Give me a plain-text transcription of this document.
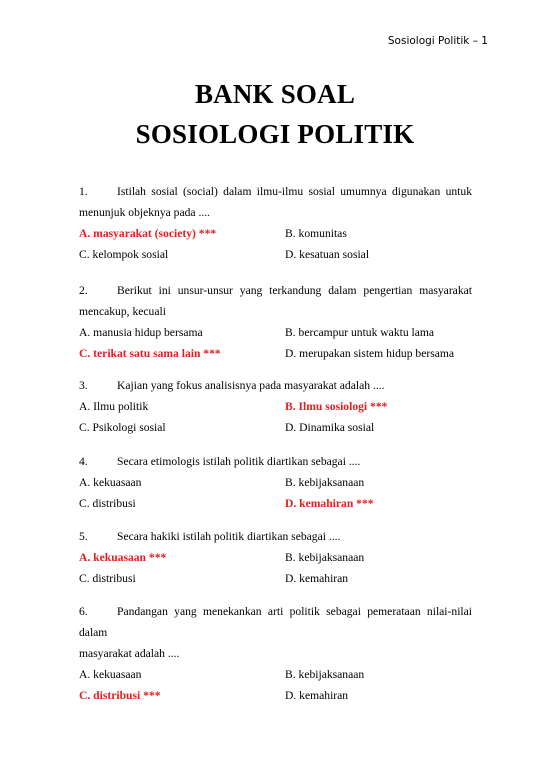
Sosiologi Politik – 1
BANK SOAL
SOSIOLOGI POLITIK
1.	Istilah sosial (social) dalam ilmu-ilmu sosial umumnya digunakan untuk
menunjuk objeknya pada ....
A. masyarakat (society) ***	B. komunitas
C. kelompok sosial	D. kesatuan sosial
2.	Berikut ini unsur-unsur yang terkandung dalam pengertian masyarakat
mencakup, kecuali
A. manusia hidup bersama	B. bercampur untuk waktu lama
C. terikat satu sama lain ***	D. merupakan sistem hidup bersama
3.	Kajian yang fokus analisisnya pada masyarakat adalah ....
A. Ilmu politik	B. Ilmu sosiologi ***
C. Psikologi sosial	D. Dinamika sosial
4.	Secara etimologis istilah politik diartikan sebagai ....
A. kekuasaan	B. kebijaksanaan
C. distribusi	D. kemahiran ***
5.	Secara hakiki istilah politik diartikan sebagai ....
A. kekuasaan ***	B. kebijaksanaan
C. distribusi	D. kemahiran
6.	Pandangan yang menekankan arti politik sebagai pemerataan nilai-nilai dalam
masyarakat adalah ....
A. kekuasaan	B. kebijaksanaan
C. distribusi ***	D. kemahiran
